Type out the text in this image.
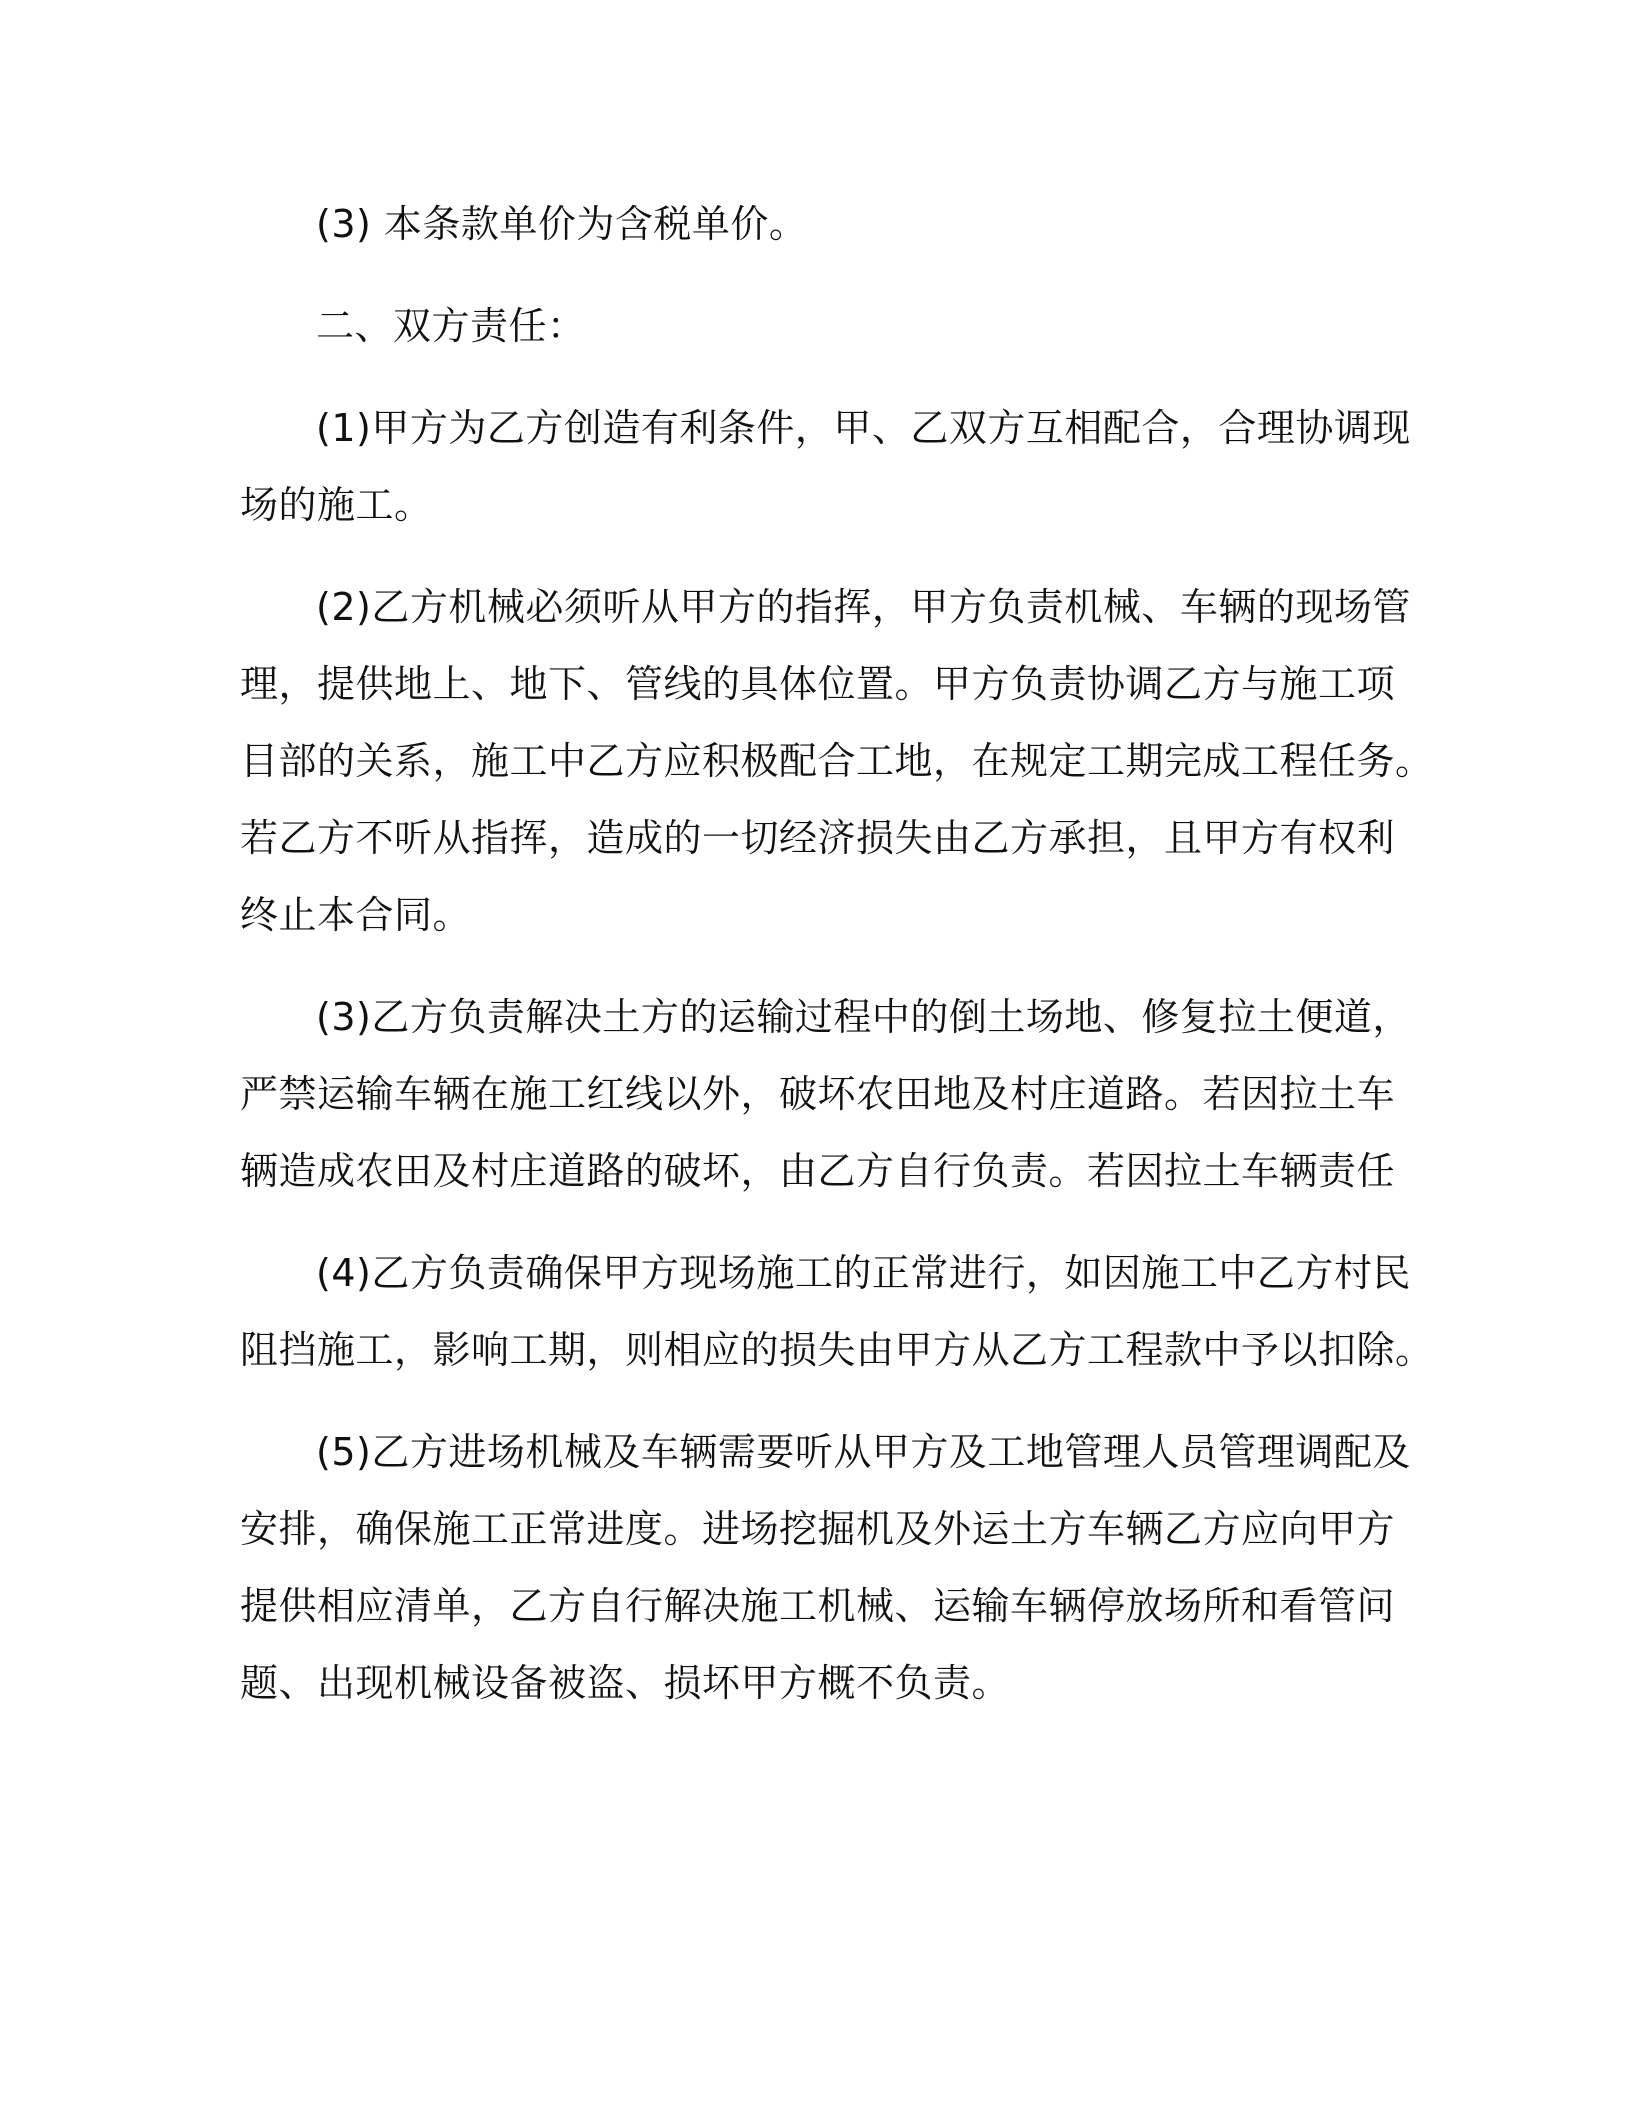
(3) 本条款单价为含税单价。

二、双方责任：

(1)甲方为乙方创造有利条件，甲、乙双方互相配合，合理协调现
场的施工。

(2)乙方机械必须听从甲方的指挥，甲方负责机械、车辆的现场管
理，提供地上、地下、管线的具体位置。甲方负责协调乙方与施工项
目部的关系，施工中乙方应积极配合工地，在规定工期完成工程任务。
若乙方不听从指挥，造成的一切经济损失由乙方承担，且甲方有权利
终止本合同。

(3)乙方负责解决土方的运输过程中的倒土场地、修复拉土便道，
严禁运输车辆在施工红线以外，破坏农田地及村庄道路。若因拉土车
辆造成农田及村庄道路的破坏，由乙方自行负责。若因拉土车辆责任

(4)乙方负责确保甲方现场施工的正常进行，如因施工中乙方村民
阻挡施工，影响工期，则相应的损失由甲方从乙方工程款中予以扣除。

(5)乙方进场机械及车辆需要听从甲方及工地管理人员管理调配及
安排，确保施工正常进度。进场挖掘机及外运土方车辆乙方应向甲方
提供相应清单，乙方自行解决施工机械、运输车辆停放场所和看管问
题、出现机械设备被盗、损坏甲方概不负责。
